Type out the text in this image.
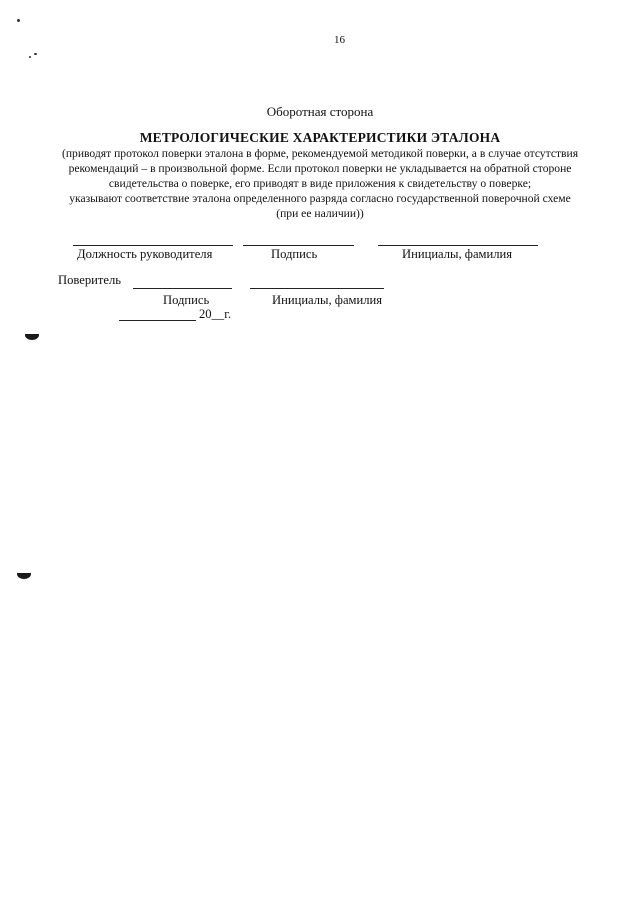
16
Оборотная сторона
МЕТРОЛОГИЧЕСКИЕ ХАРАКТЕРИСТИКИ ЭТАЛОНА
(приводят протокол поверки эталона в форме, рекомендуемой методикой поверки, а в случае отсутствия
рекомендаций – в произвольной форме. Если протокол поверки не укладывается на обратной стороне
свидетельства о поверке, его приводят в виде приложения к свидетельству о поверке;
указывают соответствие эталона определенного разряда согласно государственной поверочной схеме
(при ее наличии))
Должность руководителя	Подпись	Инициалы, фамилия
Поверитель
Подпись	Инициалы, фамилия
20__г.
